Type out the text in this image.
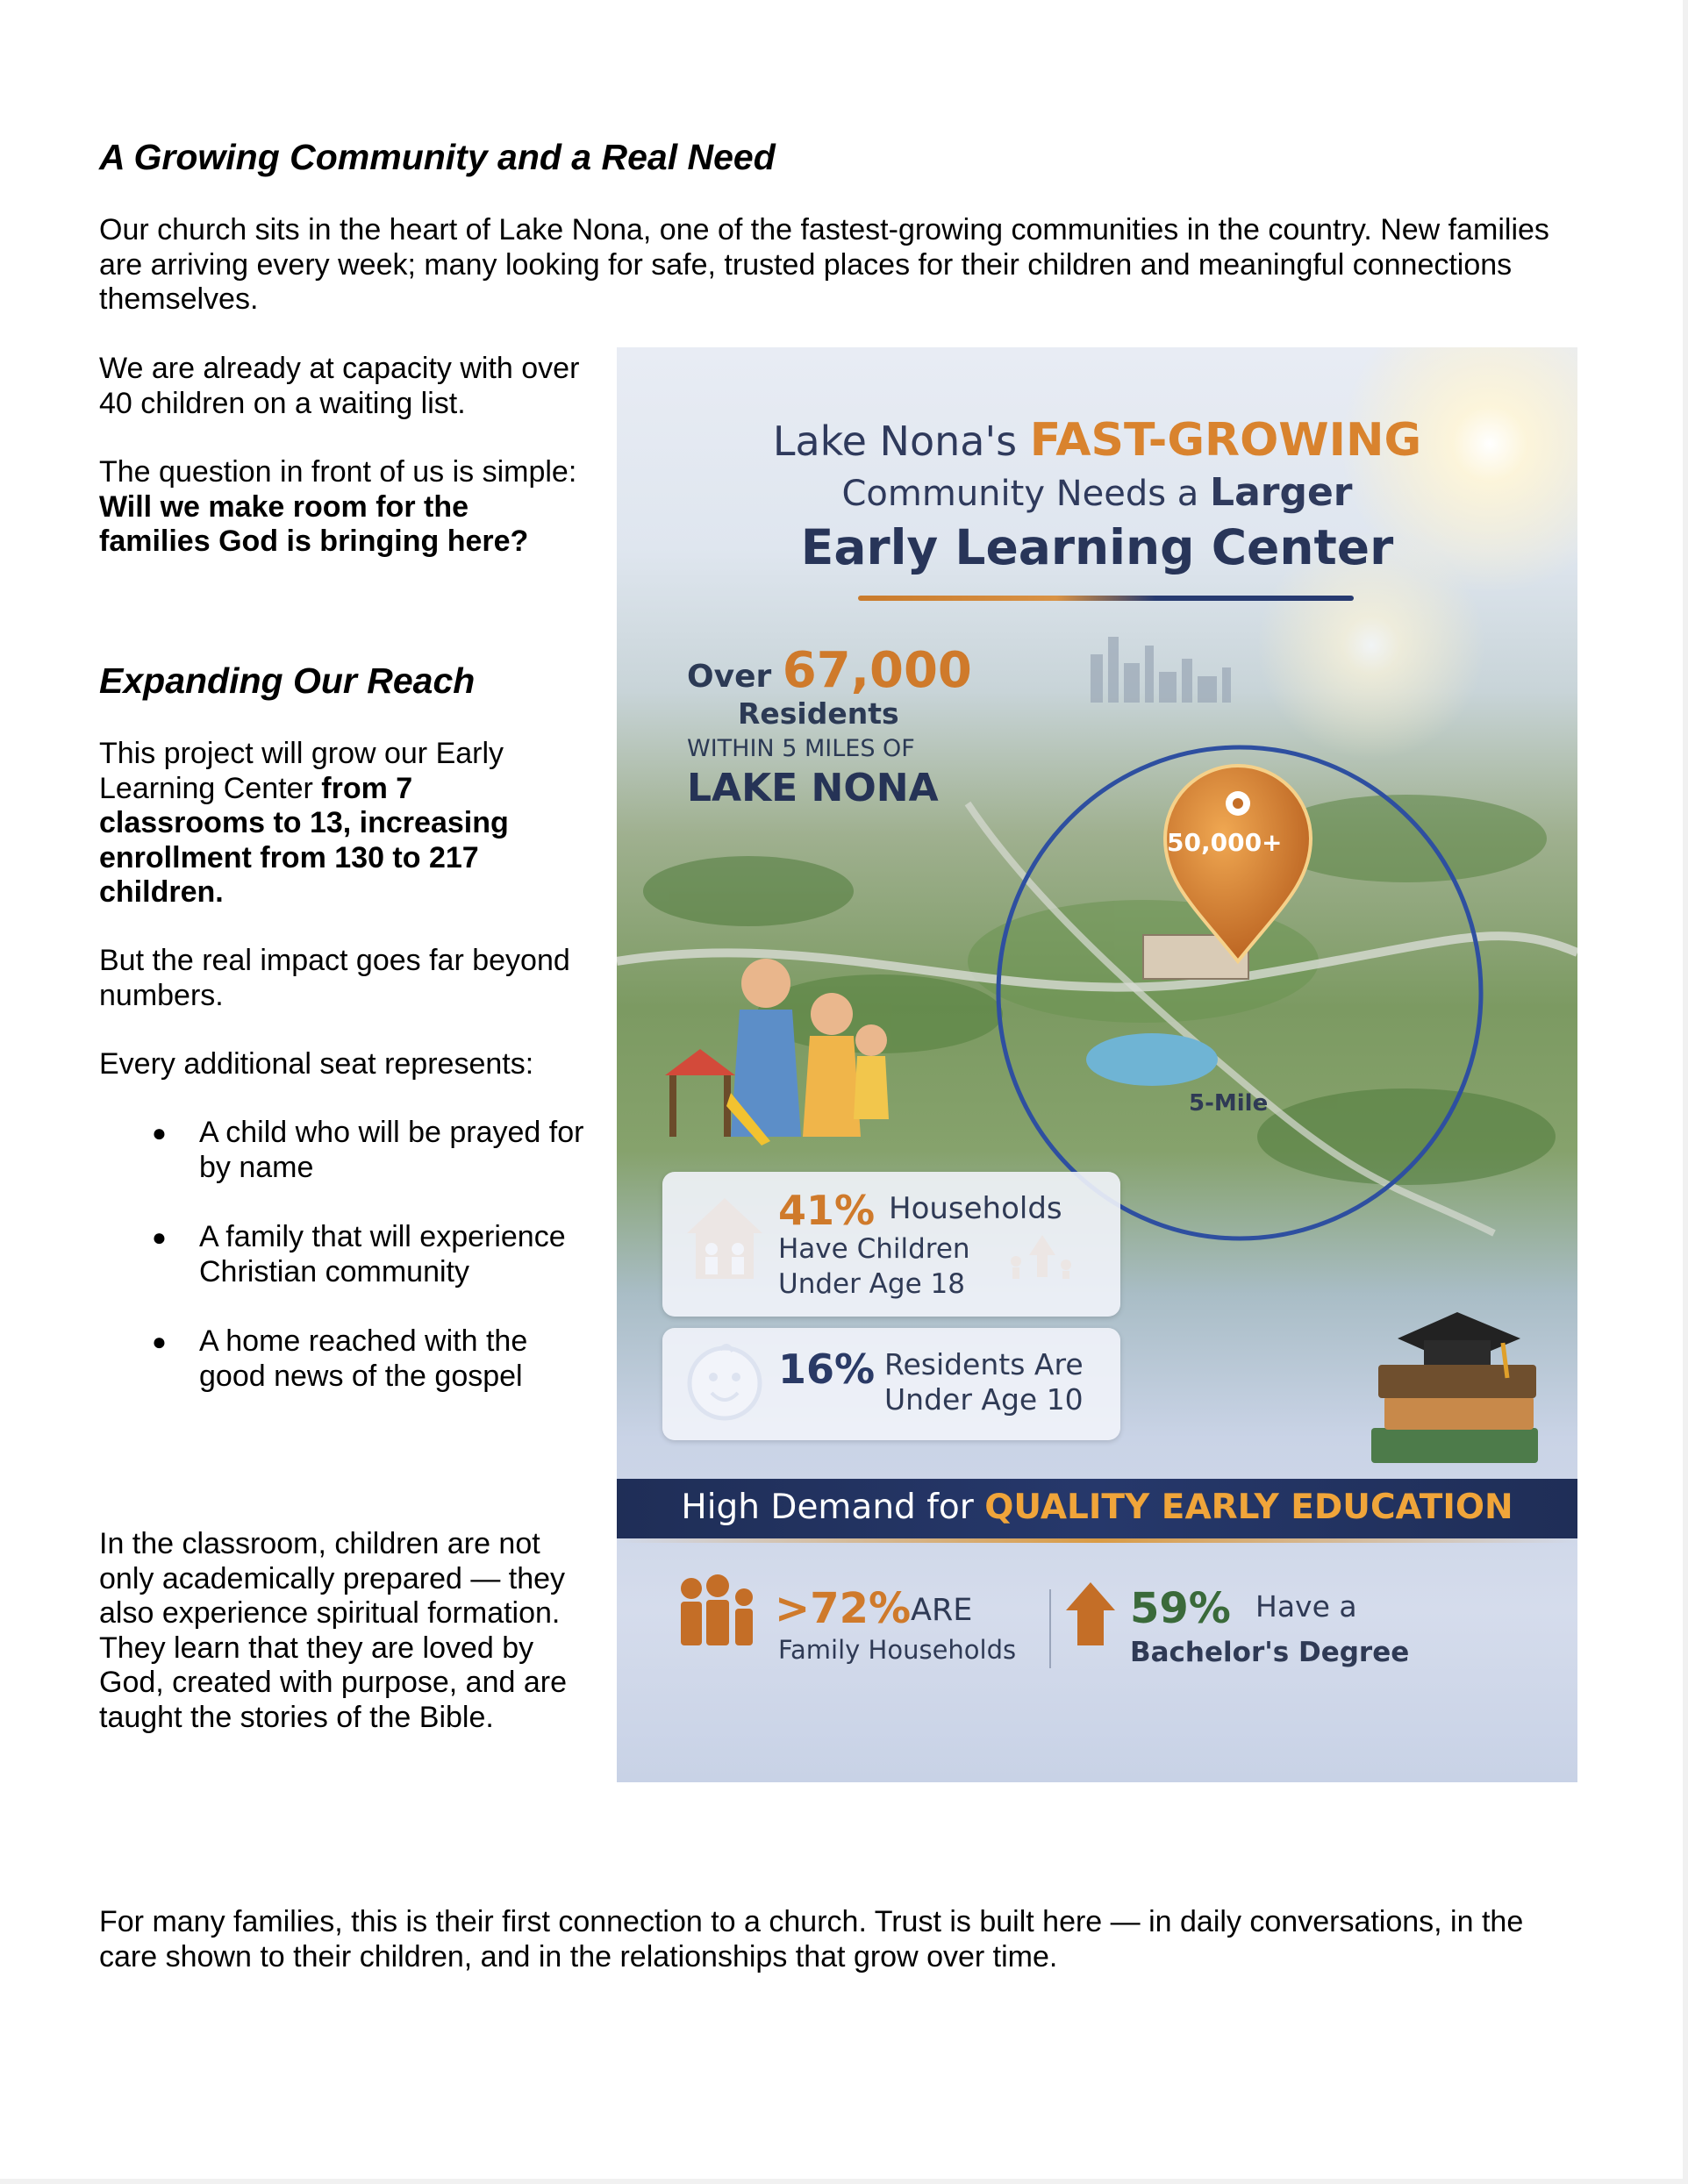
A Growing Community and a Real Need

Our church sits in the heart of Lake Nona, one of the fastest-growing communities in the country. New families

are arriving every week; many looking for safe, trusted places for their children and meaningful connections

themselves.

We are already at capacity with over

40 children on a waiting list.

The question in front of us is simple:

Will we make room for the

families God is bringing here?

Expanding Our Reach

This project will grow our Early

Learning Center from 7

classrooms to 13, increasing

enrollment from 130 to 217

children.

But the real impact goes far beyond

numbers.

Every additional seat represents:

● A child who will be prayed for
by name
● A family that will experience
Christian community
● A home reached with the
good news of the gospel

In the classroom, children are not

only academically prepared — they

also experience spiritual formation.

They learn that they are loved by

God, created with purpose, and are

taught the stories of the Bible.

For many families, this is their first connection to a church. Trust is built here — in daily conversations, in the

care shown to their children, and in the relationships that grow over time.

Lake Nona's FAST-GROWING
Community Needs a Larger
Early Learning Center
Over 67,000
Residents
WITHIN 5 MILES OF
LAKE NONA
50,000+
5-Mile
41% Households
Have Children
Under Age 18
16% Residents Are
Under Age 10
High Demand for QUALITY EARLY EDUCATION
>72% ARE
Family Households
59% Have a
Bachelor's Degree
